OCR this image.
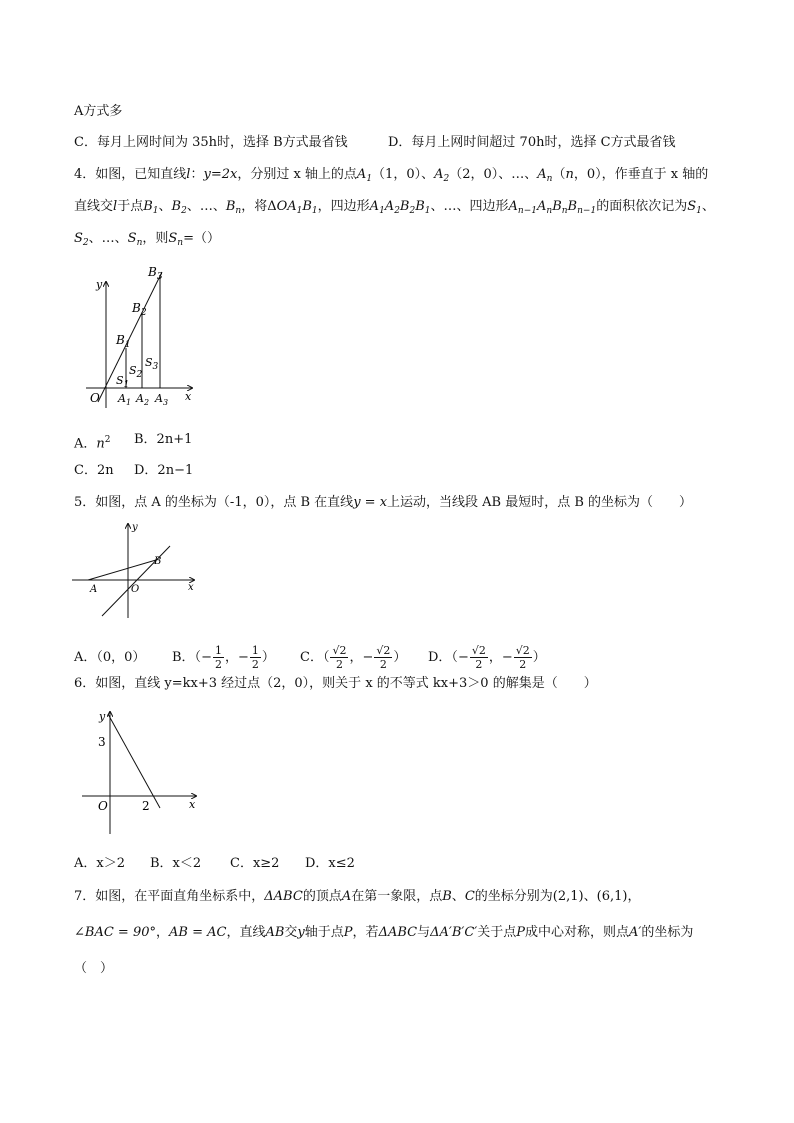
A方式多
C．每月上网时间为 35h时，选择 B方式最省钱	D．每月上网时间超过 70h时，选择 C方式最省钱
4．如图，已知直线l：y=2x，分别过 x 轴上的点$A_1(1$，0）、$A_2(2$，0）、…、$A_n(n$，0），作垂直于 x 轴的
直线交l于点$B_1$、$B_2$、…、$B_n$，将$\Delta OA_1B_1$，四边形$A_1A_2B_2B_1$、…、四边形$A_{n-1}A_nB_nB_{n-1}$的面积依次记为$S_1$、
$S_2$、…、$S_n$，则$S_n=()$
y
x
O
$B_1$
$B_2$
$B_3$
$S_1$
$S_2$
$S_3$
$A_1$ $A_2$ $A_3$
A．$n^2$ B．2n+1
C．2n D．2n−1
5．如图，点 A 的坐标为（-1，0），点 B 在直线y = x上运动，当线段 AB 最短时，点 B 的坐标为（　　）
y
x
A	O
B
A．（0，0） B．（− $\frac{1}{2}$ ，− $\frac{1}{2}$ ） C．（ $\frac{√2}{2}$ ，− $\frac{√2}{2}$ ） D．（− $\frac{√2}{2}$ ，− $\frac{√2}{2}$ ）
6．如图，直线 y=kx+3 经过点（2，0），则关于 x 的不等式 kx+3＞0 的解集是（　　）
y
x
3
O	2
A．x＞2 B．x＜2 C．x≥2 D．x≤2
7．如图，在平面直角坐标系中，ΔABC的顶点A在第一象限，点B、C的坐标分别为(2,1)、(6,1)，
∠BAC = 90°，AB = AC，直线AB交y轴于点P，若ΔABC与ΔA′B′C′关于点P成中心对称，则点A′的坐标为
（　）
